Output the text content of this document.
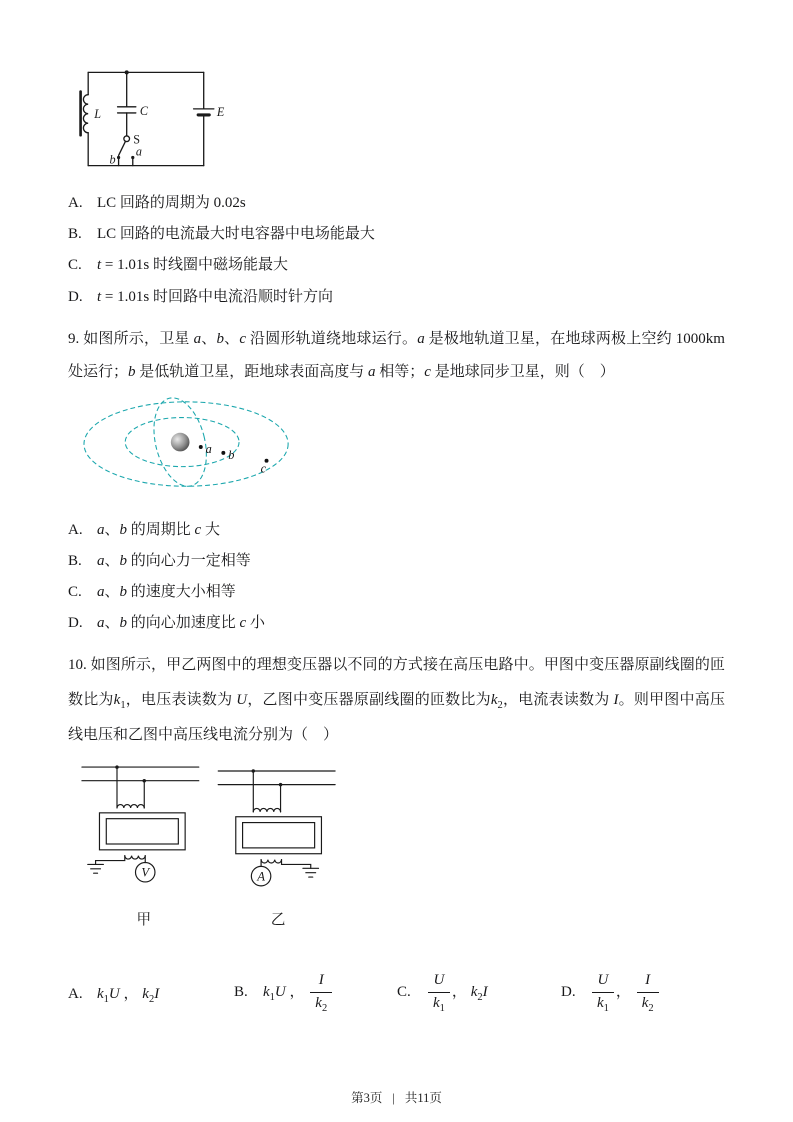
L	C
S
E
b
a
A. LC 回路的周期为 0.02s
B. LC 回路的电流最大时电容器中电场能最大
C. t = 1.01s 时线圈中磁场能最大
D. t = 1.01s 时回路中电流沿顺时针方向

9. 如图所示，卫星 a、b、c 沿圆形轨道绕地球运行。a 是极地轨道卫星，在地球两极上空约 1000km 处运行；b 是低轨道卫星，距地球表面高度与 a 相等；c 是地球同步卫星，则（　）

a b
c
A. a、b 的周期比 c 大
B. a、b 的向心力一定相等
C. a、b 的速度大小相等
D. a、b 的向心加速度比 c 小

10. 如图所示，甲乙两图中的理想变压器以不同的方式接在高压电路中。甲图中变压器原副线圈的匝数比为$k_1$，电压表读数为 U，乙图中变压器原副线圈的匝数比为$k_2$，电流表读数为 I。则甲图中高压线电压和乙图中高压线电流分别为（　）

V	A
甲	乙
A. $k_1U$ ， $k_2I$	B. $k_1U$ ， $\frac{I}{k_2}$	C. $\frac{U}{k_1}$ ， $k_2I$	D. $\frac{U}{k_1}$ ， $\frac{I}{k_2}$
第3页 | 共11页
